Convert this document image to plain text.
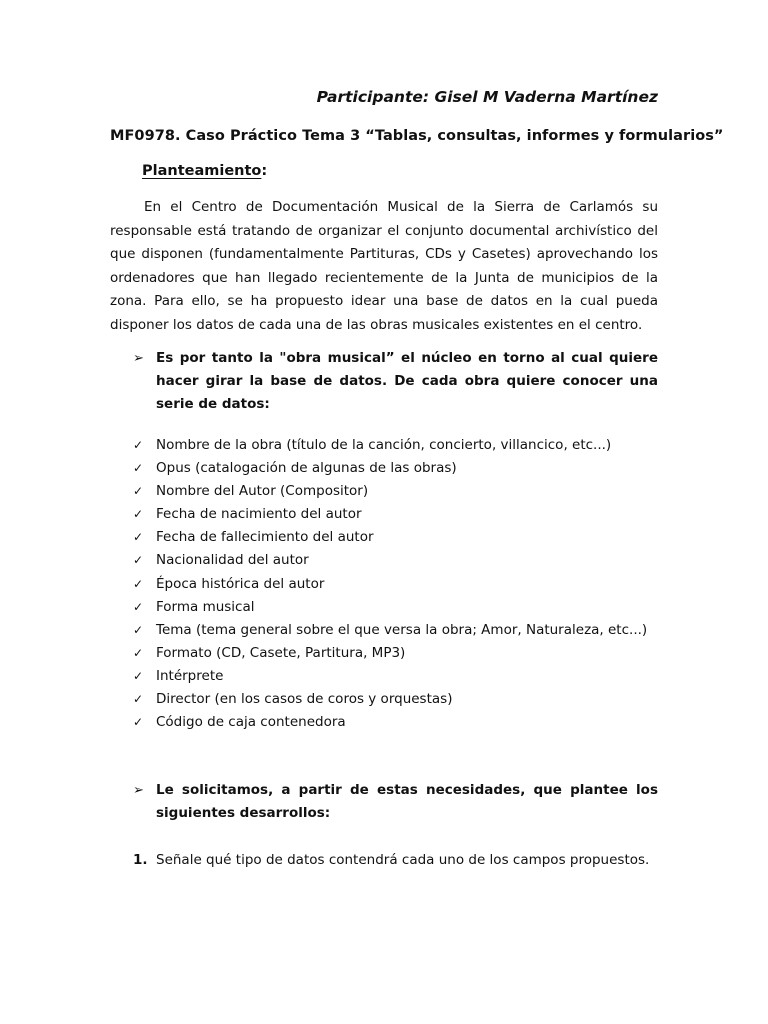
Participante: Gisel M Vaderna Martínez
MF0978. Caso Práctico Tema 3 “Tablas, consultas, informes y formularios”
Planteamiento:

En el Centro de Documentación Musical de la Sierra de Carlamós su responsable está tratando de organizar el conjunto documental archivístico del que disponen (fundamentalmente Partituras, CDs y Casetes) aprovechando los ordenadores que han llegado recientemente de la Junta de municipios de la zona. Para ello, se ha propuesto idear una base de datos en la cual pueda disponer los datos de cada una de las obras musicales existentes en el centro.

➢ Es por tanto la "obra musical” el núcleo en torno al cual quiere hacer girar la base de datos. De cada obra quiere conocer una serie de datos:
✓ Nombre de la obra (título de la canción, concierto, villancico, etc...)
✓ Opus (catalogación de algunas de las obras)
✓ Nombre del Autor (Compositor)
✓ Fecha de nacimiento del autor
✓ Fecha de fallecimiento del autor
✓ Nacionalidad del autor
✓ Época histórica del autor
✓ Forma musical
✓ Tema (tema general sobre el que versa la obra; Amor, Naturaleza, etc...)
✓ Formato (CD, Casete, Partitura, MP3)
✓ Intérprete
✓ Director (en los casos de coros y orquestas)
✓ Código de caja contenedora
➢ Le solicitamos, a partir de estas necesidades, que plantee los siguientes desarrollos:
1. Señale qué tipo de datos contendrá cada uno de los campos propuestos.
